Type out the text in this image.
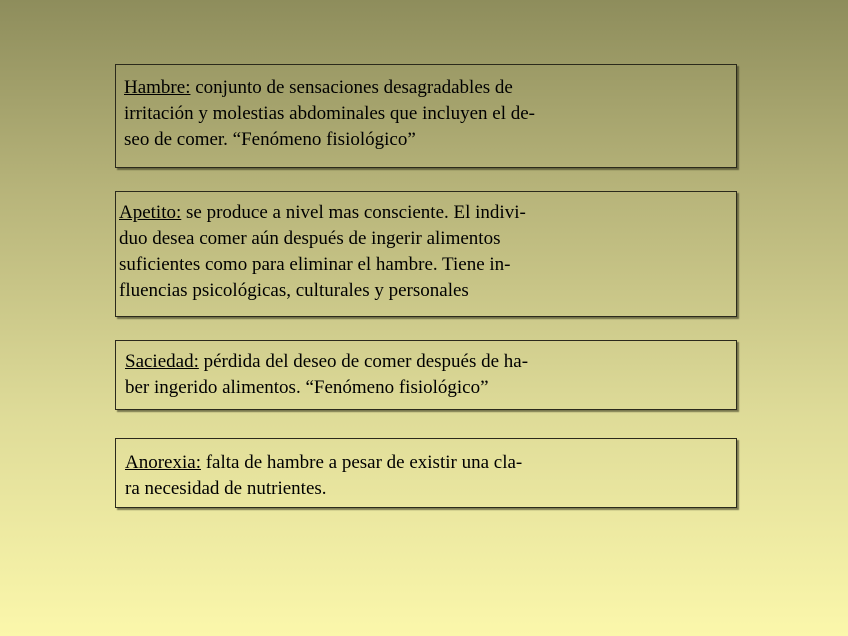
Hambre: conjunto de sensaciones desagradables de
irritación y molestias abdominales que incluyen el de-
seo de comer. “Fenómeno fisiológico”
Apetito: se produce a nivel mas consciente. El indivi-
duo desea comer aún después de ingerir alimentos
suficientes como para eliminar el hambre. Tiene in-
fluencias psicológicas, culturales y personales
Saciedad: pérdida del deseo de comer después de ha-
ber ingerido alimentos. “Fenómeno fisiológico”
Anorexia: falta de hambre a pesar de existir una cla-
ra necesidad de nutrientes.
